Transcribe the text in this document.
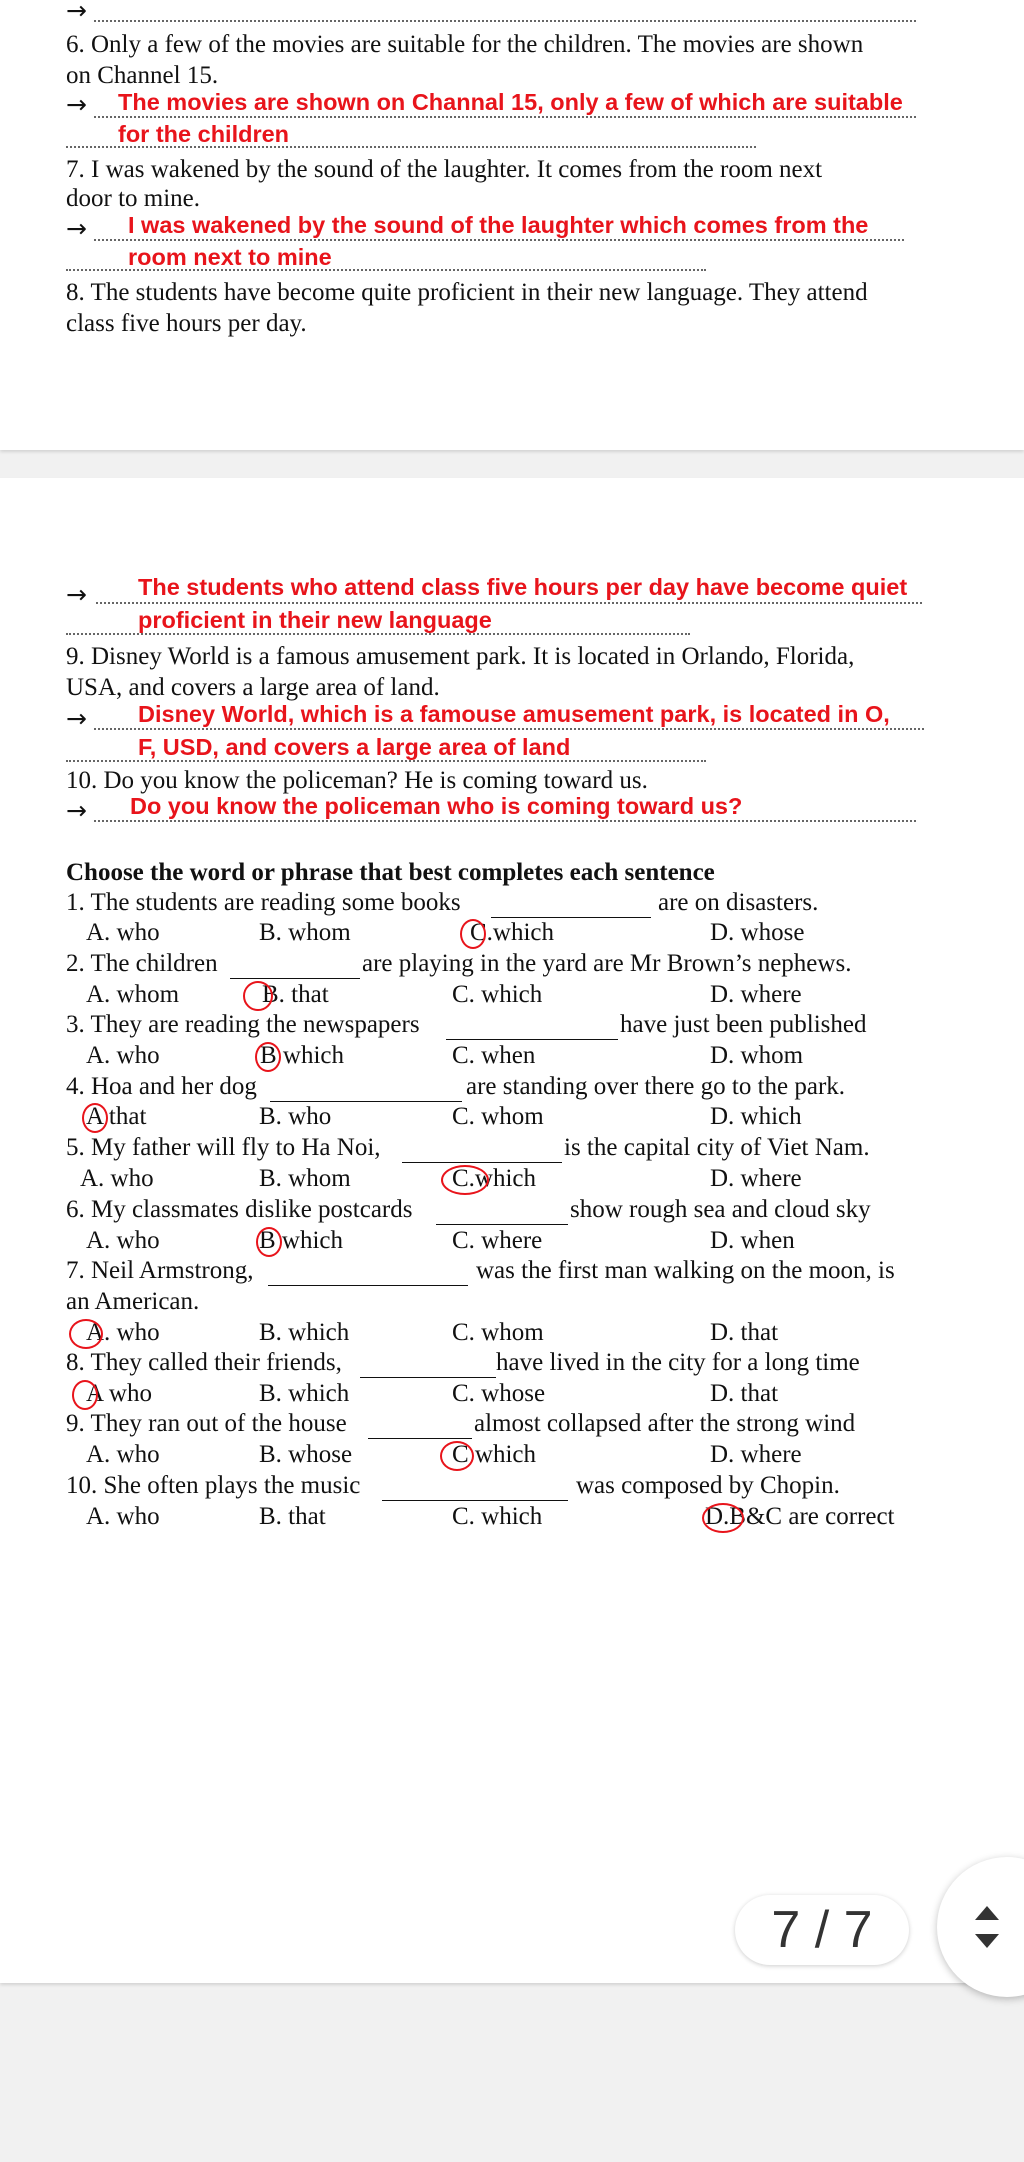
→
6. Only a few of the movies are suitable for the children. The movies are shown
on Channel 15.
→ The movies are shown on Channal 15, only a few of which are suitable
for the children
7. I was wakened by the sound of the laughter. It comes from the room next
door to mine.
→ I was wakened by the sound of the laughter which comes from the
room next to mine
8. The students have become quite proficient in their new language. They attend
class five hours per day.
→ The students who attend class five hours per day have become quiet
proficient in their new language
9. Disney World is a famous amusement park. It is located in Orlando, Florida,
USA, and covers a large area of land.
→ Disney World, which is a famouse amusement park, is located in O,
F, USD, and covers a large area of land
10. Do you know the policeman? He is coming toward us.
→ Do you know the policeman who is coming toward us?
Choose the word or phrase that best completes each sentence
1. The students are reading some books	are on disasters.
A. who	B. whom	C.which	D. whose
2. The children	are playing in the yard are Mr Brown’s nephews.
A. whom	B. that	C. which	D. where
3. They are reading the newspapers	have just been published
A. who	B which	C. when	D. whom
4. Hoa and her dog	are standing over there go to the park.
A that	B. who	C. whom	D. which
5. My father will fly to Ha Noi,	is the capital city of Viet Nam.
A. who	B. whom	C.which	D. where
6. My classmates dislike postcards	show rough sea and cloud sky
A. who	B which	C. where	D. when
7. Neil Armstrong,	was the first man walking on the moon, is
an American.
A. who	B. which	C. whom	D. that
8. They called their friends,	have lived in the city for a long time
A who	B. which	C. whose	D. that
9. They ran out of the house	almost collapsed after the strong wind
A. who	B. whose	C which	D. where
10. She often plays the music	was composed by Chopin.
A. who	B. that	C. which	D.B&C are correct
7 / 7
